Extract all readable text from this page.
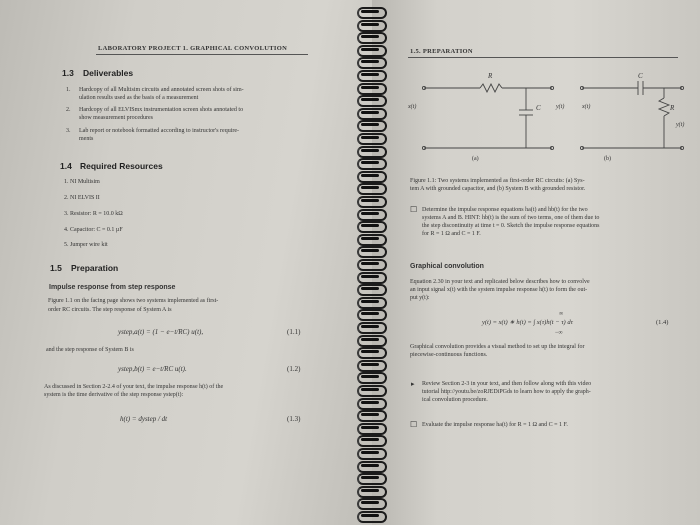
LABORATORY PROJECT 1. GRAPHICAL CONVOLUTION
1.3 Deliverables
1. Hardcopy of all Multisim circuits and annotated screen shots of sim-
ulation results used as the basis of a measurement
2. Hardcopy of all ELVISmx instrumentation screen shots annotated to
show measurement procedures
3. Lab report or notebook formatted according to instructor's require-
ments
1.4 Required Resources
1. NI Multisim
2. NI ELVIS II
3. Resistor: R = 10.0 kΩ
4. Capacitor: C = 0.1 µF
5. Jumper wire kit
1.5 Preparation
Impulse response from step response
Figure 1.1 on the facing page shows two systems implemented as first-
order RC circuits. The step response of System A is
ystep,a(t) = (1 − e−t/RC) u(t),	(1.1)
and the step response of System B is
ystep,b(t) = e−t/RC u(t).	(1.2)
As discussed in Section 2-2.4 of your text, the impulse response h(t) of the
system is the time derivative of the step response ystep(t):
h(t) = dystep / dt	(1.3)
1.5. PREPARATION
R
C
C
R
x(t)	y(t)	x(t)
y(t)
(a)	(b)
Figure 1.1: Two systems implemented as first-order RC circuits: (a) Sys-
tem A with grounded capacitor, and (b) System B with grounded resistor.
☐ Determine the impulse response equations ha(t) and hb(t) for the two
systems A and B. HINT: hb(t) is the sum of two terms, one of them due to
the step discontinuity at time t = 0. Sketch the impulse response equations
for R = 1 Ω and C = 1 F.
Graphical convolution
Equation 2.30 in your text and replicated below describes how to convolve
an input signal x(t) with the system impulse response h(t) to form the out-
put y(t):
y(t) = x(t) ∗ h(t) = ∫ x(τ)h(t − τ) dτ
∞
−∞
(1.4)
Graphical convolution provides a visual method to set up the integral for
piecewise-continuous functions.
▸ Review Section 2-3 in your text, and then follow along with this video
tutorial http://youtu.be/zoRJEDiPGds to learn how to apply the graph-
ical convolution procedure.
☐ Evaluate the impulse response ha(t) for R = 1 Ω and C = 1 F.
